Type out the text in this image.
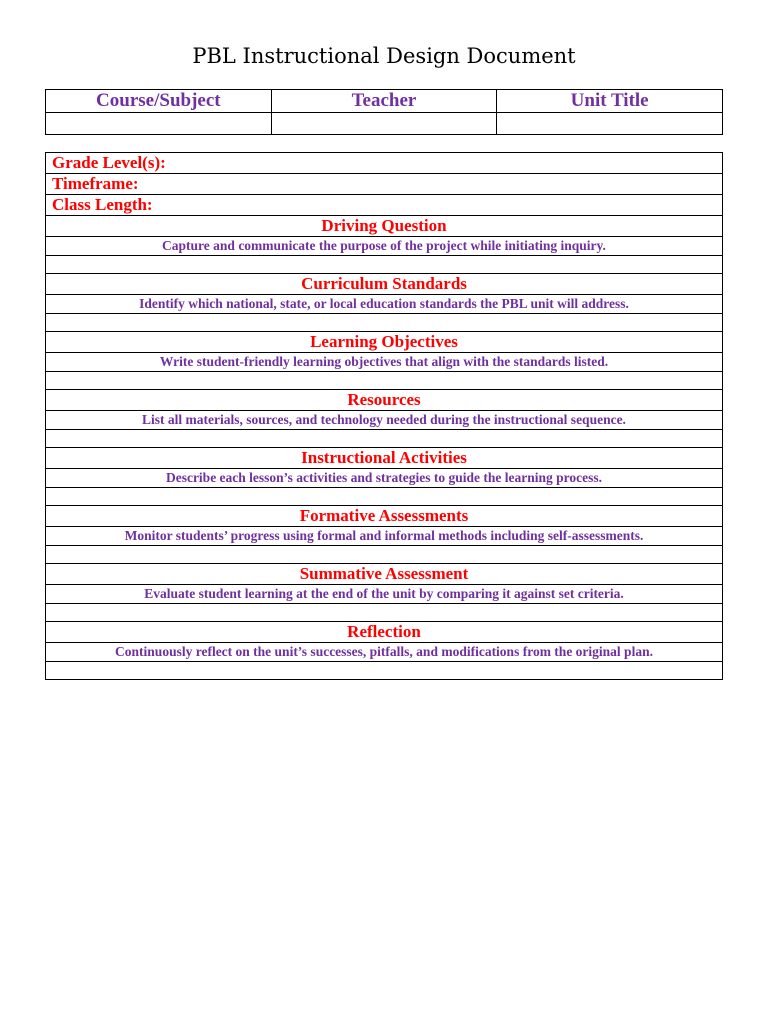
PBL Instructional Design Document
Course/Subject	Teacher	Unit Title

Grade Level(s):
Timeframe:
Class Length:
Driving Question
Capture and communicate the purpose of the project while initiating inquiry.

Curriculum Standards
Identify which national, state, or local education standards the PBL unit will address.

Learning Objectives
Write student-friendly learning objectives that align with the standards listed.

Resources
List all materials, sources, and technology needed during the instructional sequence.

Instructional Activities
Describe each lesson’s activities and strategies to guide the learning process.

Formative Assessments
Monitor students’ progress using formal and informal methods including self-assessments.

Summative Assessment
Evaluate student learning at the end of the unit by comparing it against set criteria.

Reflection
Continuously reflect on the unit’s successes, pitfalls, and modifications from the original plan.
